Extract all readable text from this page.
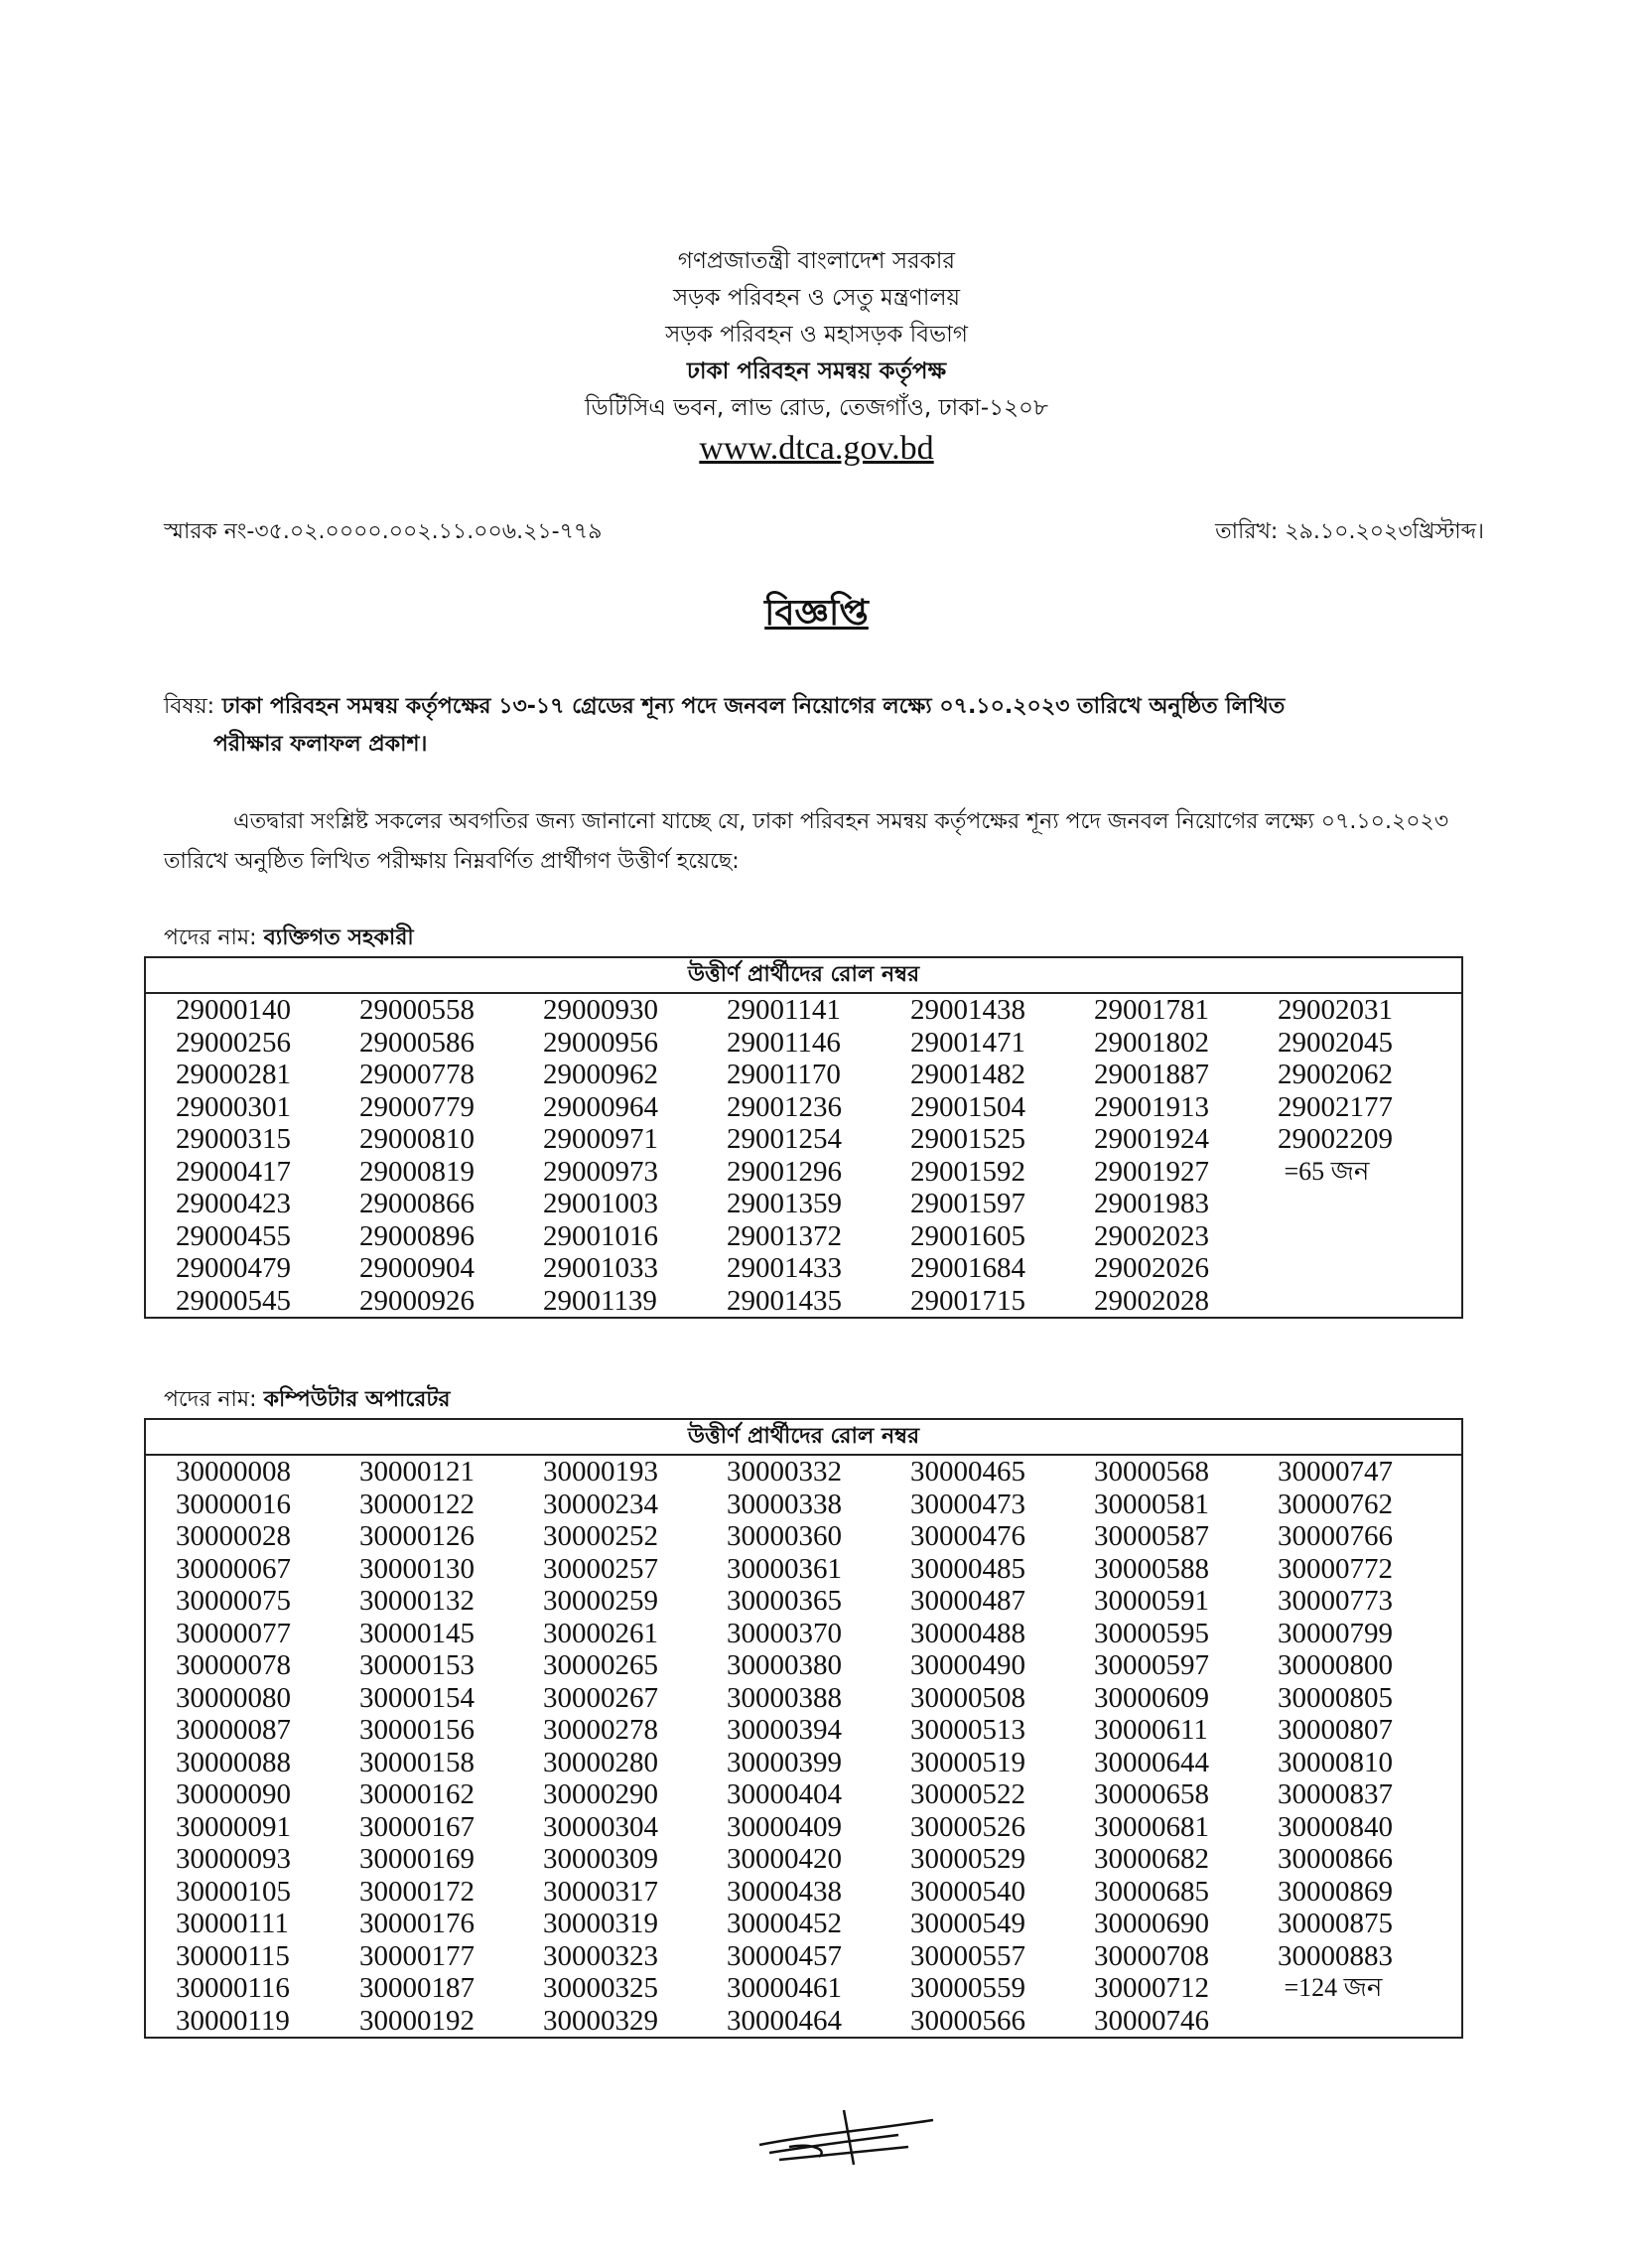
গণপ্রজাতন্ত্রী বাংলাদেশ সরকার
সড়ক পরিবহন ও সেতু মন্ত্রণালয়
সড়ক পরিবহন ও মহাসড়ক বিভাগ
ঢাকা পরিবহন সমন্বয় কর্তৃপক্ষ
ডিটিসিএ ভবন, লাভ রোড, তেজগাঁও, ঢাকা-১২০৮
www.dtca.gov.bd
স্মারক নং-৩৫.০২.০০০০.০০২.১১.০০৬.২১-৭৭৯	তারিখ: ২৯.১০.২০২৩খ্রিস্টাব্দ।
বিজ্ঞপ্তি
বিষয়: ঢাকা পরিবহন সমন্বয় কর্তৃপক্ষের ১৩-১৭ গ্রেডের শূন্য পদে জনবল নিয়োগের লক্ষ্যে ০৭.১০.২০২৩ তারিখে অনুষ্ঠিত লিখিত
পরীক্ষার ফলাফল প্রকাশ।
এতদ্বারা সংশ্লিষ্ট সকলের অবগতির জন্য জানানো যাচ্ছে যে, ঢাকা পরিবহন সমন্বয় কর্তৃপক্ষের শূন্য পদে জনবল নিয়োগের লক্ষ্যে ০৭.১০.২০২৩ তারিখে অনুষ্ঠিত লিখিত পরীক্ষায় নিম্নবর্ণিত প্রার্থীগণ উত্তীর্ণ হয়েছে:
পদের নাম: ব্যক্তিগত সহকারী
উত্তীর্ণ প্রার্থীদের রোল নম্বর
29000140
29000256
29000281
29000301
29000315
29000417
29000423
29000455
29000479
29000545
29000558
29000586
29000778
29000779
29000810
29000819
29000866
29000896
29000904
29000926
29000930
29000956
29000962
29000964
29000971
29000973
29001003
29001016
29001033
29001139
29001141
29001146
29001170
29001236
29001254
29001296
29001359
29001372
29001433
29001435
29001438
29001471
29001482
29001504
29001525
29001592
29001597
29001605
29001684
29001715
29001781
29001802
29001887
29001913
29001924
29001927
29001983
29002023
29002026
29002028
29002031
29002045
29002062
29002177
29002209
=65 জন
পদের নাম: কম্পিউটার অপারেটর
উত্তীর্ণ প্রার্থীদের রোল নম্বর
30000008
30000016
30000028
30000067
30000075
30000077
30000078
30000080
30000087
30000088
30000090
30000091
30000093
30000105
30000111
30000115
30000116
30000119
30000121
30000122
30000126
30000130
30000132
30000145
30000153
30000154
30000156
30000158
30000162
30000167
30000169
30000172
30000176
30000177
30000187
30000192
30000193
30000234
30000252
30000257
30000259
30000261
30000265
30000267
30000278
30000280
30000290
30000304
30000309
30000317
30000319
30000323
30000325
30000329
30000332
30000338
30000360
30000361
30000365
30000370
30000380
30000388
30000394
30000399
30000404
30000409
30000420
30000438
30000452
30000457
30000461
30000464
30000465
30000473
30000476
30000485
30000487
30000488
30000490
30000508
30000513
30000519
30000522
30000526
30000529
30000540
30000549
30000557
30000559
30000566
30000568
30000581
30000587
30000588
30000591
30000595
30000597
30000609
30000611
30000644
30000658
30000681
30000682
30000685
30000690
30000708
30000712
30000746
30000747
30000762
30000766
30000772
30000773
30000799
30000800
30000805
30000807
30000810
30000837
30000840
30000866
30000869
30000875
30000883
=124 জন
